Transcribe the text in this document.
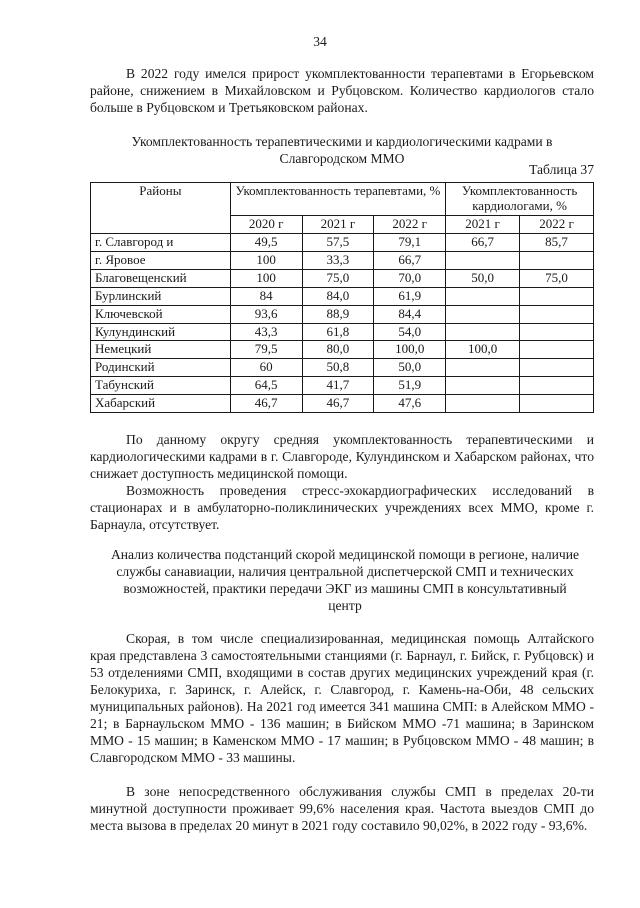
34

В 2022 году имелся прирост укомплектованности терапевтами в Егорьевском районе, снижением в Михайловском и Рубцовском. Количество кардиологов стало больше в Рубцовском и Третьяковском районах.

Укомплектованность терапевтическими и кардиологическими кадрами в Славгородском ММО

Таблица 37
Районы	Укомплектованность терапевтами, %			Укомплектованность кардиологами, %	
	2020 г	2021 г	2022 г	2021 г	2022 г
г. Славгород и	49,5	57,5	79,1	66,7	85,7
г. Яровое	100	33,3	66,7		
Благовещенский	100	75,0	70,0	50,0	75,0
Бурлинский	84	84,0	61,9		
Ключевской	93,6	88,9	84,4		
Кулундинский	43,3	61,8	54,0		
Немецкий	79,5	80,0	100,0	100,0	
Родинский	60	50,8	50,0		
Табунский	64,5	41,7	51,9		
Хабарский	46,7	46,7	47,6		

По данному округу средняя укомплектованность терапевтическими и кардиологическими кадрами в г. Славгороде, Кулундинском и Хабарском районах, что снижает доступность медицинской помощи.

Возможность проведения стресс-эхокардиографических исследований в стационарах и в амбулаторно-поликлинических учреждениях всех ММО, кроме г. Барнаула, отсутствует.

Анализ количества подстанций скорой медицинской помощи в регионе, наличие службы санавиации, наличия центральной диспетчерской СМП и технических возможностей, практики передачи ЭКГ из машины СМП в консультативный центр

Скорая, в том числе специализированная, медицинская помощь Алтайского края представлена 3 самостоятельными станциями (г. Барнаул, г. Бийск, г. Рубцовск) и 53 отделениями СМП, входящими в состав других медицинских учреждений края (г. Белокуриха, г. Заринск, г. Алейск, г. Славгород, г. Камень-на-Оби, 48 сельских муниципальных районов). На 2021 год имеется 341 машина СМП: в Алейском ММО - 21; в Барнаульском ММО - 136 машин; в Бийском ММО -71 машина; в Заринском ММО - 15 машин; в Каменском ММО - 17 машин; в Рубцовском ММО - 48 машин; в Славгородском ММО - 33 машины.

В зоне непосредственного обслуживания службы СМП в пределах 20-ти минутной доступности проживает 99,6% населения края. Частота выездов СМП до места вызова в пределах 20 минут в 2021 году составило 90,02%, в 2022 году - 93,6%.
